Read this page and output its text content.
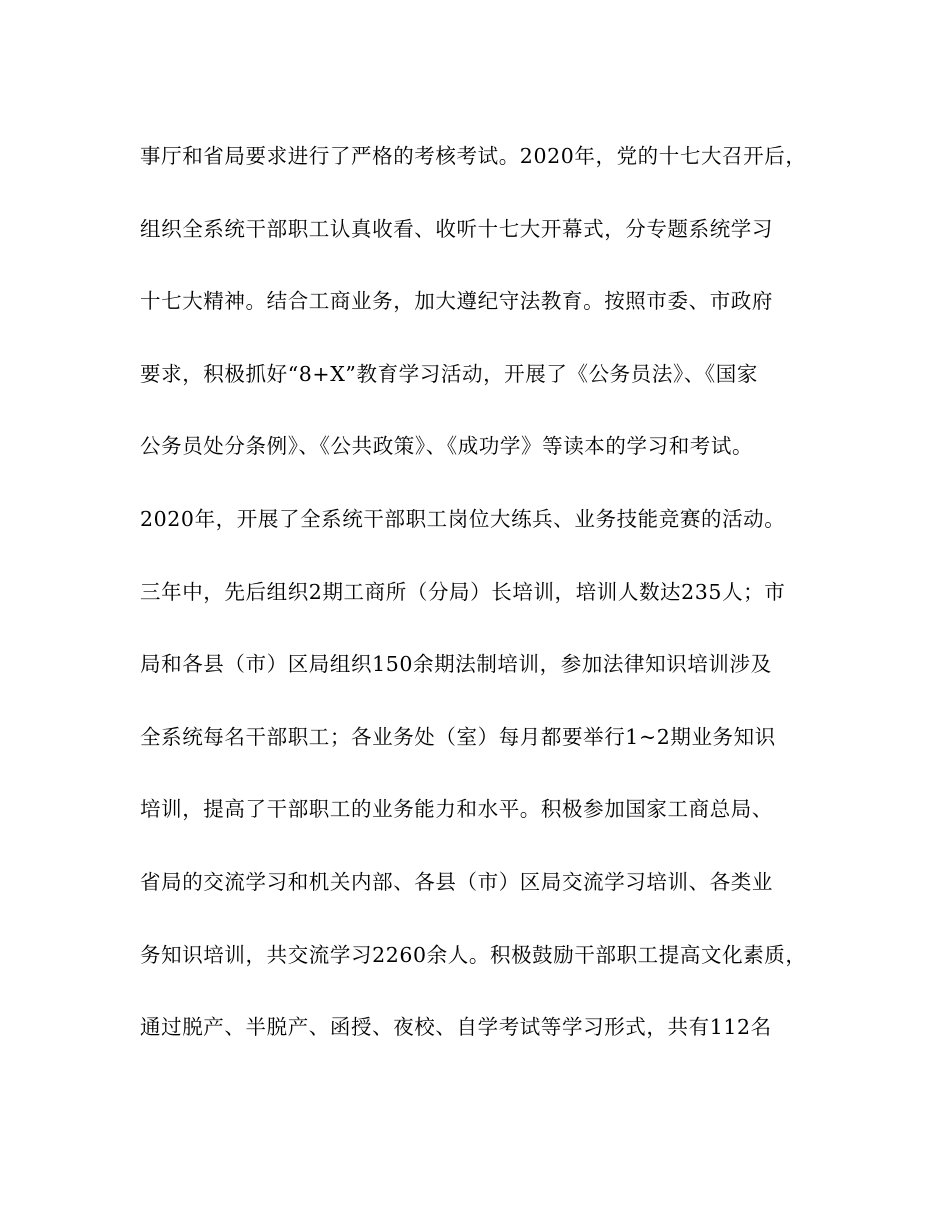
事厅和省局要求进行了严格的考核考试。2020年，党的十七大召开后，
组织全系统干部职工认真收看、收听十七大开幕式，分专题系统学习
十七大精神。结合工商业务，加大遵纪守法教育。按照市委、市政府
要求，积极抓好“8+X”教育学习活动，开展了《公务员法》、《国家
公务员处分条例》、《公共政策》、《成功学》等读本的学习和考试。
2020年，开展了全系统干部职工岗位大练兵、业务技能竞赛的活动。
三年中，先后组织2期工商所（分局）长培训，培训人数达235人；市
局和各县（市）区局组织150余期法制培训，参加法律知识培训涉及
全系统每名干部职工；各业务处（室）每月都要举行1~2期业务知识
培训，提高了干部职工的业务能力和水平。积极参加国家工商总局、
省局的交流学习和机关内部、各县（市）区局交流学习培训、各类业
务知识培训，共交流学习2260余人。积极鼓励干部职工提高文化素质，
通过脱产、半脱产、函授、夜校、自学考试等学习形式，共有112名
